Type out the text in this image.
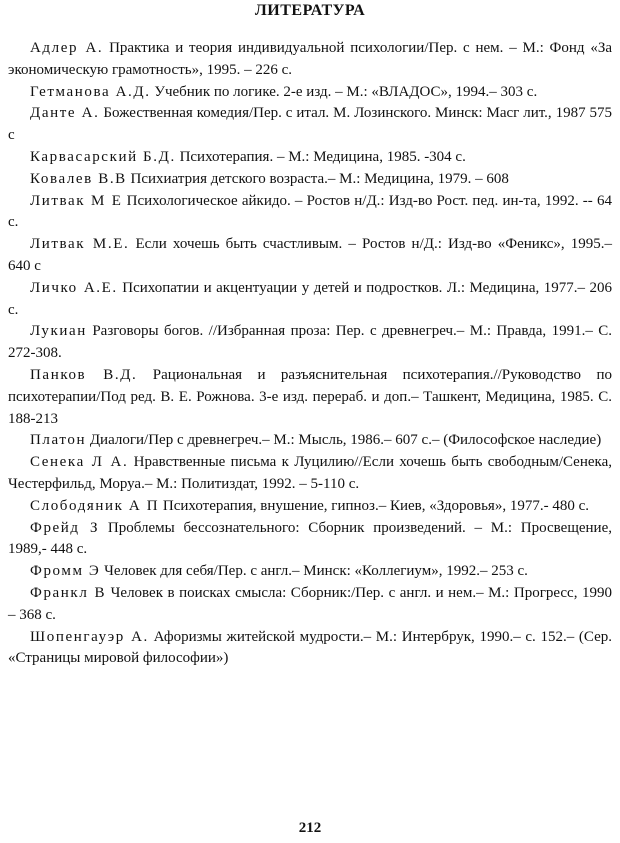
ЛИТЕРАТУРА

Адлер А. Практика и теория индивидуальной психологии/Пер. с нем. – М.: Фонд «За экономическую грамотность», 1995. – 226 с.

Гетманова А.Д. Учебник по логике. 2-е изд. – М.: «ВЛАДОС», 1994.– 303 с.

Данте А. Божественная комедия/Пер. с итал. М. Лозинского. Минск: Масг лит., 1987 575 с

Карвасарский Б.Д. Психотерапия. – М.: Медицина, 1985. -304 с.

Ковалев В.В Психиатрия детского возраста.– М.: Медицина, 1979. – 608

Литвак М Е Психологическое айкидо. – Ростов н/Д.: Изд-во Рост. пед. ин-та, 1992. -- 64 с.

Литвак М.Е. Если хочешь быть счастливым. – Ростов н/Д.: Изд-во «Феникс», 1995.– 640 с

Личко А.Е. Психопатии и акцентуации у детей и подростков. Л.: Медицина, 1977.– 206 с.

Лукиан Разговоры богов. //Избранная проза: Пер. с древнегреч.– М.: Правда, 1991.– С. 272-308.

Панков В.Д. Рациональная и разъяснительная психотерапия.//Руководство по психотерапии/Под ред. В. Е. Рожнова. 3-е изд. перераб. и доп.– Ташкент, Медицина, 1985. С. 188-213

Платон Диалоги/Пер с древнегреч.– М.: Мысль, 1986.– 607 с.– (Философское наследие)

Сенека Л А. Нравственные письма к Луцилию//Если хочешь быть свободным/Сенека, Честерфильд, Моруа.– М.: Политиздат, 1992. – 5-110 с.

Слободяник А П Психотерапия, внушение, гипноз.– Киев, «Здоровья», 1977.- 480 с.

Фрейд З Проблемы бессознательного: Сборник произведений. – М.: Просвещение, 1989,- 448 с.

Фромм Э Человек для себя/Пер. с англ.– Минск: «Коллегиум», 1992.– 253 с.

Франкл В Человек в поисках смысла: Сборник:/Пер. с англ. и нем.– М.: Прогресс, 1990 – 368 с.

Шопенгауэр А. Афоризмы житейской мудрости.– М.: Интербрук, 1990.– с. 152.– (Сер. «Страницы мировой философии»)

212
